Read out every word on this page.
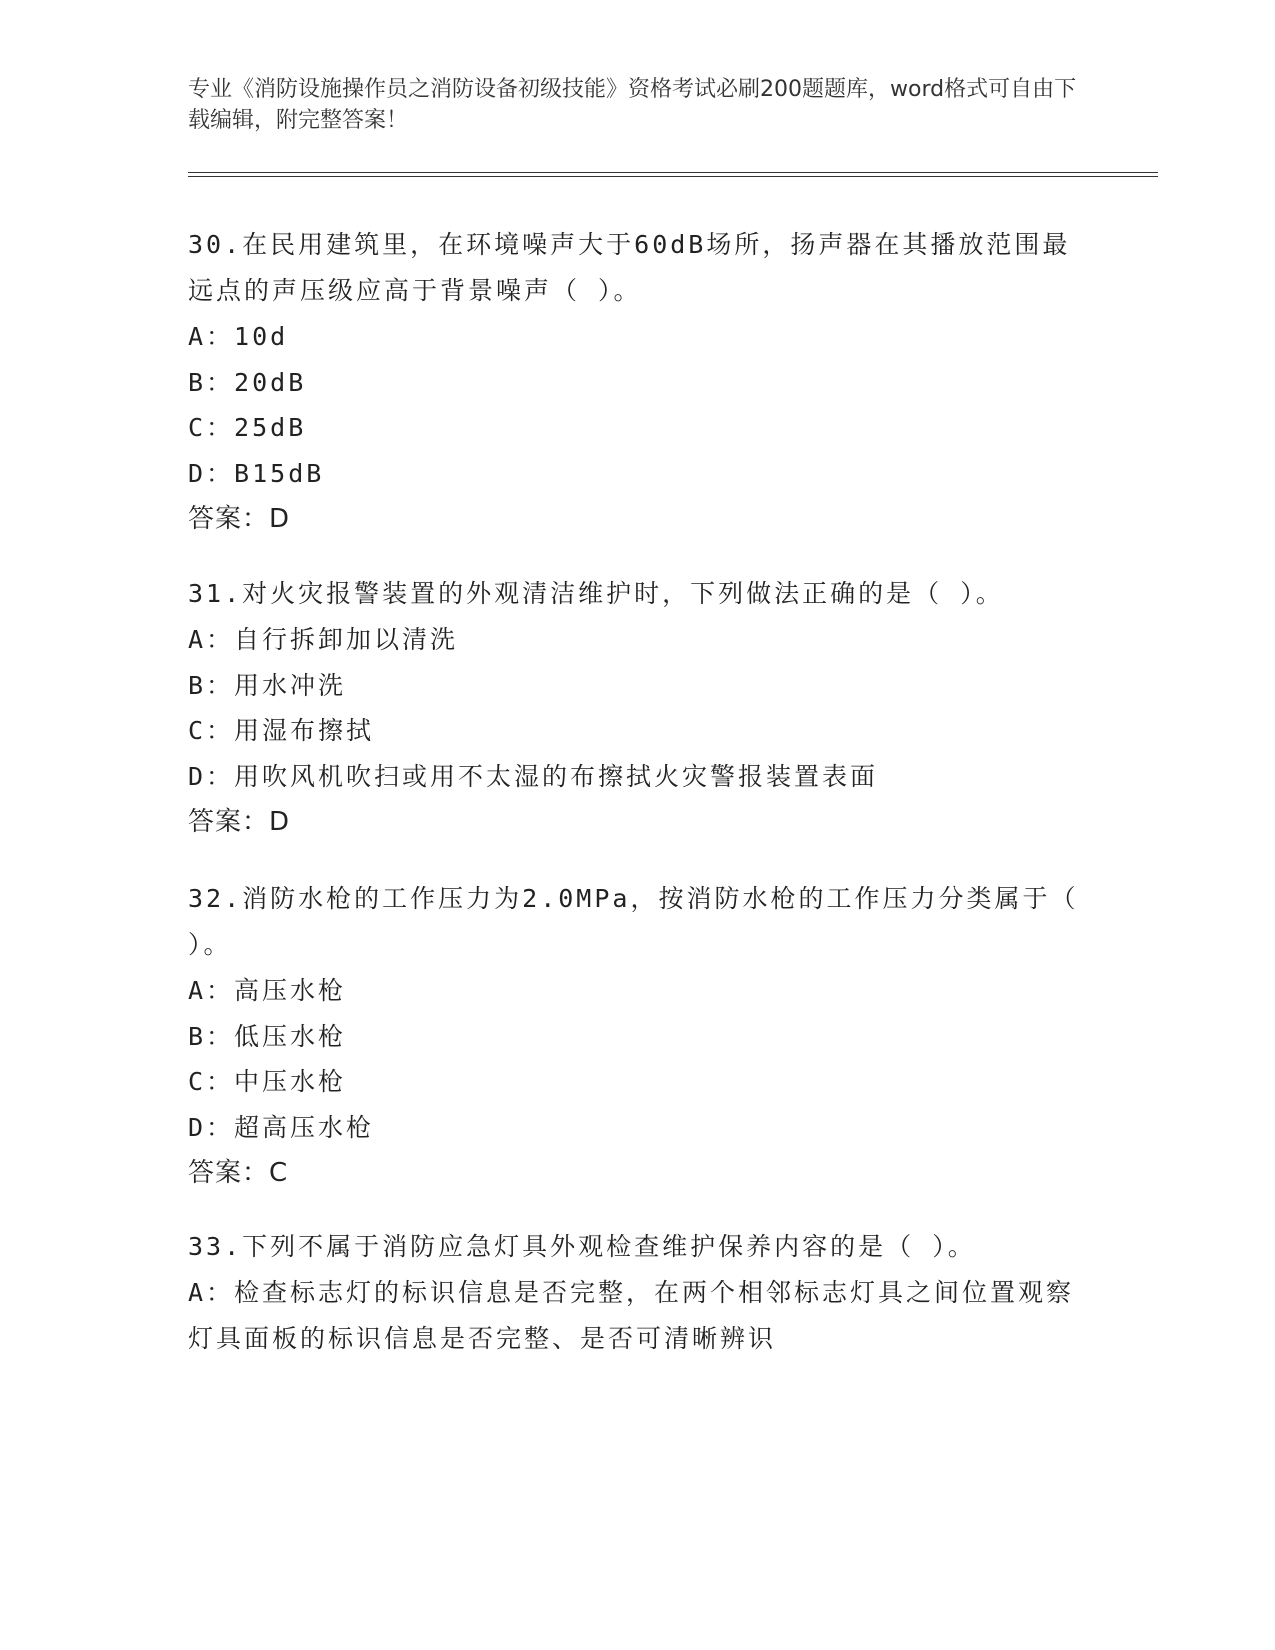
专业《消防设施操作员之消防设备初级技能》资格考试必刷200题题库，word格式可自由下载编辑，附完整答案！
30.在民用建筑里，在环境噪声大于60dB场所，扬声器在其播放范围最远点的声压级应高于背景噪声（ ）。
A：10d
B：20dB
C：25dB
D：B15dB
答案：D
31.对火灾报警装置的外观清洁维护时，下列做法正确的是（ ）。
A：自行拆卸加以清洗
B：用水冲洗
C：用湿布擦拭
D：用吹风机吹扫或用不太湿的布擦拭火灾警报装置表面
答案：D
32.消防水枪的工作压力为2.0MPa，按消防水枪的工作压力分类属于（ ）。
A：高压水枪
B：低压水枪
C：中压水枪
D：超高压水枪
答案：C
33.下列不属于消防应急灯具外观检查维护保养内容的是（ ）。
A：检查标志灯的标识信息是否完整，在两个相邻标志灯具之间位置观察灯具面板的标识信息是否完整、是否可清晰辨识
